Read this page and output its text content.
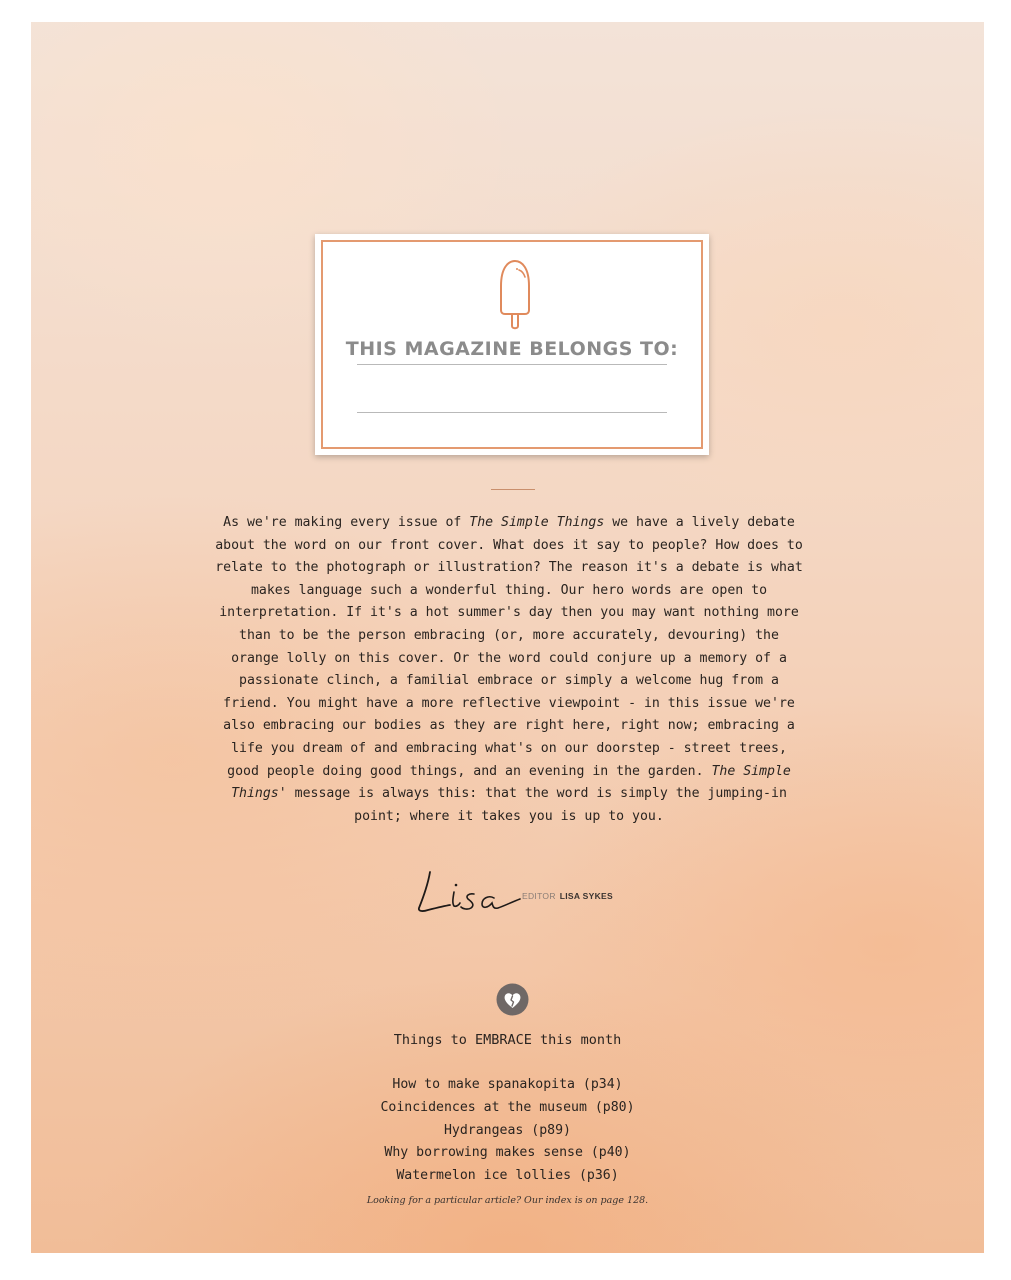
THIS MAGAZINE BELONGS TO:

As we're making every issue of The Simple Things we have a lively debate about the word on our front cover. What does it say to people? How does to relate to the photograph or illustration? The reason it's a debate is what makes language such a wonderful thing. Our hero words are open to interpretation. If it's a hot summer's day then you may want nothing more than to be the person embracing (or, more accurately, devouring) the orange lolly on this cover. Or the word could conjure up a memory of a passionate clinch, a familial embrace or simply a welcome hug from a friend. You might have a more reflective viewpoint - in this issue we're also embracing our bodies as they are right here, right now; embracing a life you dream of and embracing what's on our doorstep - street trees, good people doing good things, and an evening in the garden. The Simple Things' message is always this: that the word is simply the jumping-in point; where it takes you is up to you.

EDITOR LISA SYKES
Things to EMBRACE this month
How to make spanakopita (p34)
Coincidences at the museum (p80)
Hydrangeas (p89)
Why borrowing makes sense (p40)
Watermelon ice lollies (p36)
Looking for a particular article? Our index is on page 128.
